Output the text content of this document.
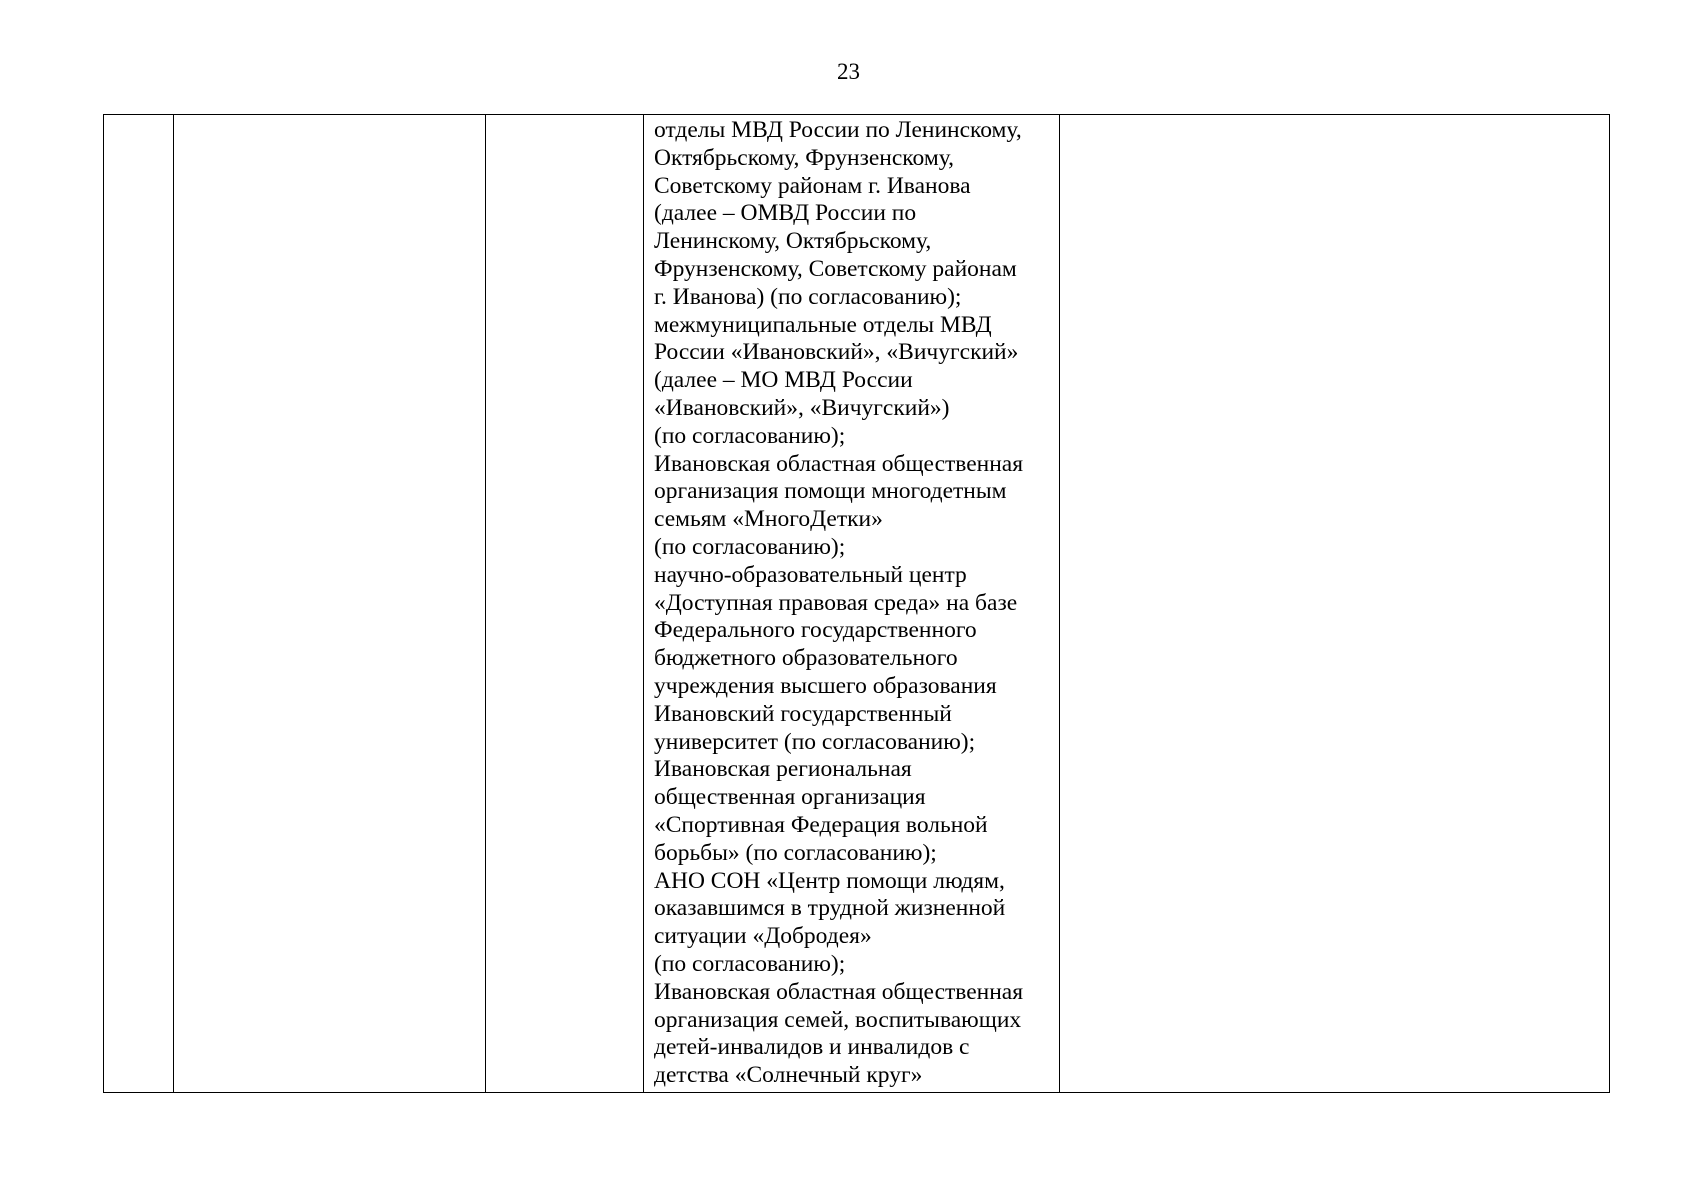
23

отделы МВД России по Ленинскому,
Октябрьскому, Фрунзенскому,
Советскому районам г. Иванова
(далее – ОМВД России по
Ленинскому, Октябрьскому,
Фрунзенскому, Советскому районам
г. Иванова) (по согласованию);
межмуниципальные отделы МВД
России «Ивановский», «Вичугский»
(далее – МО МВД России
«Ивановский», «Вичугский»)
(по согласованию);
Ивановская областная общественная
организация помощи многодетным
семьям «МногоДетки»
(по согласованию);
научно-образовательный центр
«Доступная правовая среда» на базе
Федерального государственного
бюджетного образовательного
учреждения высшего образования
Ивановский государственный
университет (по согласованию);
Ивановская региональная
общественная организация
«Спортивная Федерация вольной
борьбы» (по согласованию);
АНО СОН «Центр помощи людям,
оказавшимся в трудной жизненной
ситуации «Добродея»
(по согласованию);
Ивановская областная общественная
организация семей, воспитывающих
детей-инвалидов и инвалидов с
детства «Солнечный круг»
